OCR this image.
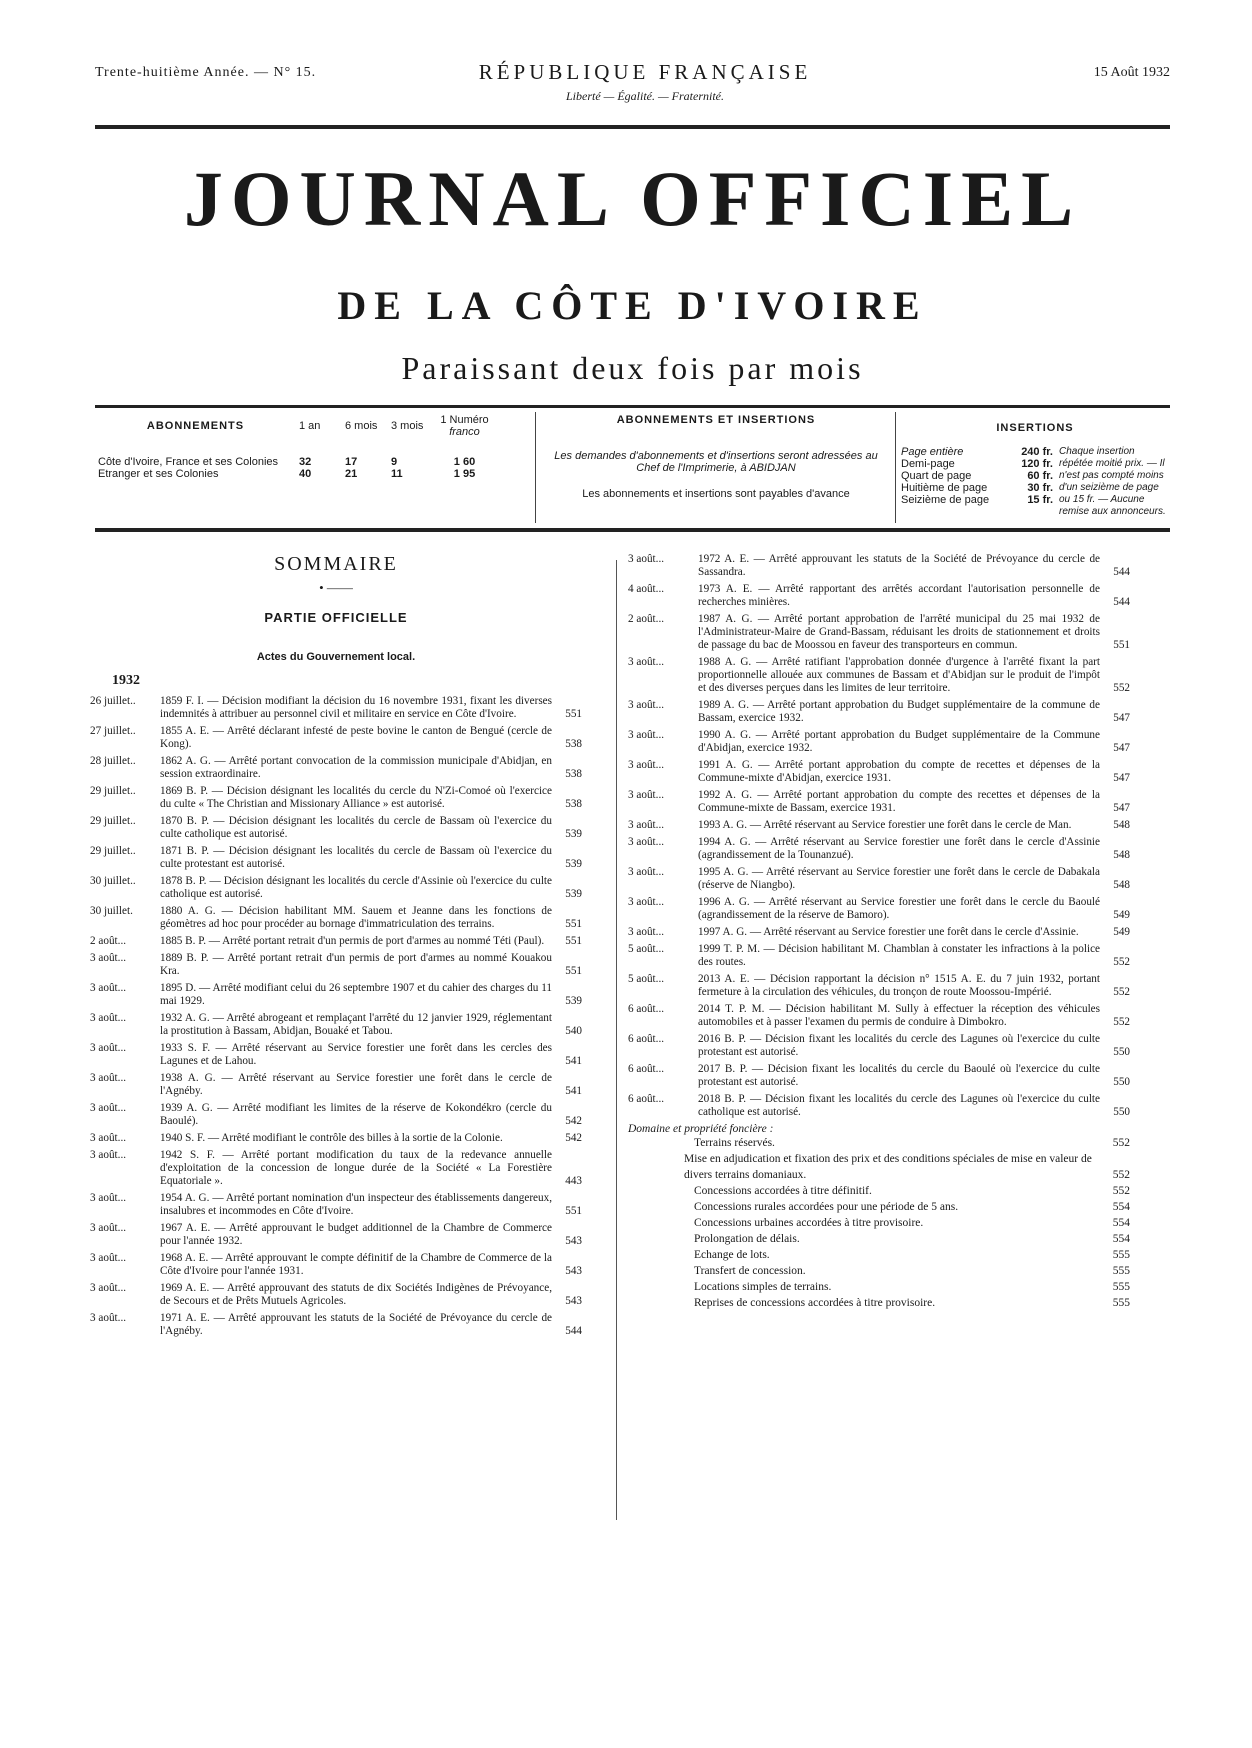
Trente-huitième Année. — N° 15.	RÉPUBLIQUE FRANÇAISE
Liberté — Égalité. — Fraternité.
15 Août 1932
JOURNAL OFFICIEL
DE LA CÔTE D'IVOIRE
Paraissant deux fois par mois
ABONNEMENTS	1 an	6 mois	3 mois	1 Numéro
franco

Côte d'Ivoire, France et ses Colonies	32	17	9	1 60
Etranger et ses Colonies	40	21	11	1 95
ABONNEMENTS ET INSERTIONS
Les demandes d'abonnements et d'insertions seront adressées au Chef de l'Imprimerie, à ABIDJAN
Les abonnements et insertions sont payables d'avance
INSERTIONS
Page entière	240 fr.
Demi-page	120 fr.
Quart de page	60 fr.
Huitième de page	30 fr.
Seizième de page	15 fr.
Chaque insertion répétée moitié prix. — Il n'est pas compté moins d'un seizième de page ou 15 fr. — Aucune remise aux annonceurs.
SOMMAIRE
• ——
PARTIE OFFICIELLE
Actes du Gouvernement local.
1932
26 juillet..	1859 F. I. — Décision modifiant la décision du 16 novembre 1931, fixant les diverses indemnités à attribuer au personnel civil et militaire en service en Côte d'Ivoire.	551
27 juillet..	1855 A. E. — Arrêté déclarant infesté de peste bovine le canton de Bengué (cercle de Kong).	538
28 juillet..	1862 A. G. — Arrêté portant convocation de la commission municipale d'Abidjan, en session extraordinaire.	538
29 juillet..	1869 B. P. — Décision désignant les localités du cercle du N'Zi-Comoé où l'exercice du culte « The Christian and Missionary Alliance » est autorisé.	538
29 juillet..	1870 B. P. — Décision désignant les localités du cercle de Bassam où l'exercice du culte catholique est autorisé.	539
29 juillet..	1871 B. P. — Décision désignant les localités du cercle de Bassam où l'exercice du culte protestant est autorisé.	539
30 juillet..	1878 B. P. — Décision désignant les localités du cercle d'Assinie où l'exercice du culte catholique est autorisé.	539
30 juillet.	1880 A. G. — Décision habilitant MM. Sauem et Jeanne dans les fonctions de géomètres ad hoc pour procéder au bornage d'immatriculation des terrains.	551
2 août...	1885 B. P. — Arrêté portant retrait d'un permis de port d'armes au nommé Téti (Paul).	551
3 août...	1889 B. P. — Arrêté portant retrait d'un permis de port d'armes au nommé Kouakou Kra.	551
3 août...	1895 D. — Arrêté modifiant celui du 26 septembre 1907 et du cahier des charges du 11 mai 1929.	539
3 août...	1932 A. G. — Arrêté abrogeant et remplaçant l'arrêté du 12 janvier 1929, réglementant la prostitution à Bassam, Abidjan, Bouaké et Tabou.	540
3 août...	1933 S. F. — Arrêté réservant au Service forestier une forêt dans les cercles des Lagunes et de Lahou.	541
3 août...	1938 A. G. — Arrêté réservant au Service forestier une forêt dans le cercle de l'Agnéby.	541
3 août...	1939 A. G. — Arrêté modifiant les limites de la réserve de Kokondékro (cercle du Baoulé).	542
3 août...	1940 S. F. — Arrêté modifiant le contrôle des billes à la sortie de la Colonie.	542
3 août...	1942 S. F. — Arrêté portant modification du taux de la redevance annuelle d'exploitation de la concession de longue durée de la Société « La Forestière Equatoriale ».	443
3 août...	1954 A. G. — Arrêté portant nomination d'un inspecteur des établissements dangereux, insalubres et incommodes en Côte d'Ivoire.	551
3 août...	1967 A. E. — Arrêté approuvant le budget additionnel de la Chambre de Commerce pour l'année 1932.	543
3 août...	1968 A. E. — Arrêté approuvant le compte définitif de la Chambre de Commerce de la Côte d'Ivoire pour l'année 1931.	543
3 août...	1969 A. E. — Arrêté approuvant des statuts de dix Sociétés Indigènes de Prévoyance, de Secours et de Prêts Mutuels Agricoles.	543
3 août...	1971 A. E. — Arrêté approuvant les statuts de la Société de Prévoyance du cercle de l'Agnéby.	544
3 août...	1972 A. E. — Arrêté approuvant les statuts de la Société de Prévoyance du cercle de Sassandra.	544
4 août...	1973 A. E. — Arrêté rapportant des arrêtés accordant l'autorisation personnelle de recherches minières.	544
2 août...	1987 A. G. — Arrêté portant approbation de l'arrêté municipal du 25 mai 1932 de l'Administrateur-Maire de Grand-Bassam, réduisant les droits de stationnement et droits de passage du bac de Moossou en faveur des transporteurs en commun.	551
3 août...	1988 A. G. — Arrêté ratifiant l'approbation donnée d'urgence à l'arrêté fixant la part proportionnelle allouée aux communes de Bassam et d'Abidjan sur le produit de l'impôt et des diverses perçues dans les limites de leur territoire.	552
3 août...	1989 A. G. — Arrêté portant approbation du Budget supplémentaire de la commune de Bassam, exercice 1932.	547
3 août...	1990 A. G. — Arrêté portant approbation du Budget supplémentaire de la Commune d'Abidjan, exercice 1932.	547
3 août...	1991 A. G. — Arrêté portant approbation du compte de recettes et dépenses de la Commune-mixte d'Abidjan, exercice 1931.	547
3 août...	1992 A. G. — Arrêté portant approbation du compte des recettes et dépenses de la Commune-mixte de Bassam, exercice 1931.	547
3 août...	1993 A. G. — Arrêté réservant au Service forestier une forêt dans le cercle de Man.	548
3 août...	1994 A. G. — Arrêté réservant au Service forestier une forêt dans le cercle d'Assinie (agrandissement de la Tounanzué).	548
3 août...	1995 A. G. — Arrêté réservant au Service forestier une forêt dans le cercle de Dabakala (réserve de Niangbo).	548
3 août...	1996 A. G. — Arrêté réservant au Service forestier une forêt dans le cercle du Baoulé (agrandissement de la réserve de Bamoro).	549
3 août...	1997 A. G. — Arrêté réservant au Service forestier une forêt dans le cercle d'Assinie.	549
5 août...	1999 T. P. M. — Décision habilitant M. Chamblan à constater les infractions à la police des routes.	552
5 août...	2013 A. E. — Décision rapportant la décision n° 1515 A. E. du 7 juin 1932, portant fermeture à la circulation des véhicules, du tronçon de route Moossou-Impérié.	552
6 août...	2014 T. P. M. — Décision habilitant M. Sully à effectuer la réception des véhicules automobiles et à passer l'examen du permis de conduire à Dimbokro.	552
6 août...	2016 B. P. — Décision fixant les localités du cercle des Lagunes où l'exercice du culte protestant est autorisé.	550
6 août...	2017 B. P. — Décision fixant les localités du cercle du Baoulé où l'exercice du culte protestant est autorisé.	550
6 août...	2018 B. P. — Décision fixant les localités du cercle des Lagunes où l'exercice du culte catholique est autorisé.	550
Domaine et propriété foncière :
Terrains réservés.	552
Mise en adjudication et fixation des prix et des conditions spéciales de mise en valeur de divers terrains domaniaux.	552
Concessions accordées à titre définitif.	552
Concessions rurales accordées pour une période de 5 ans.	554
Concessions urbaines accordées à titre provisoire.	554
Prolongation de délais.	554
Echange de lots.	555
Transfert de concession.	555
Locations simples de terrains.	555
Reprises de concessions accordées à titre provisoire.	555
